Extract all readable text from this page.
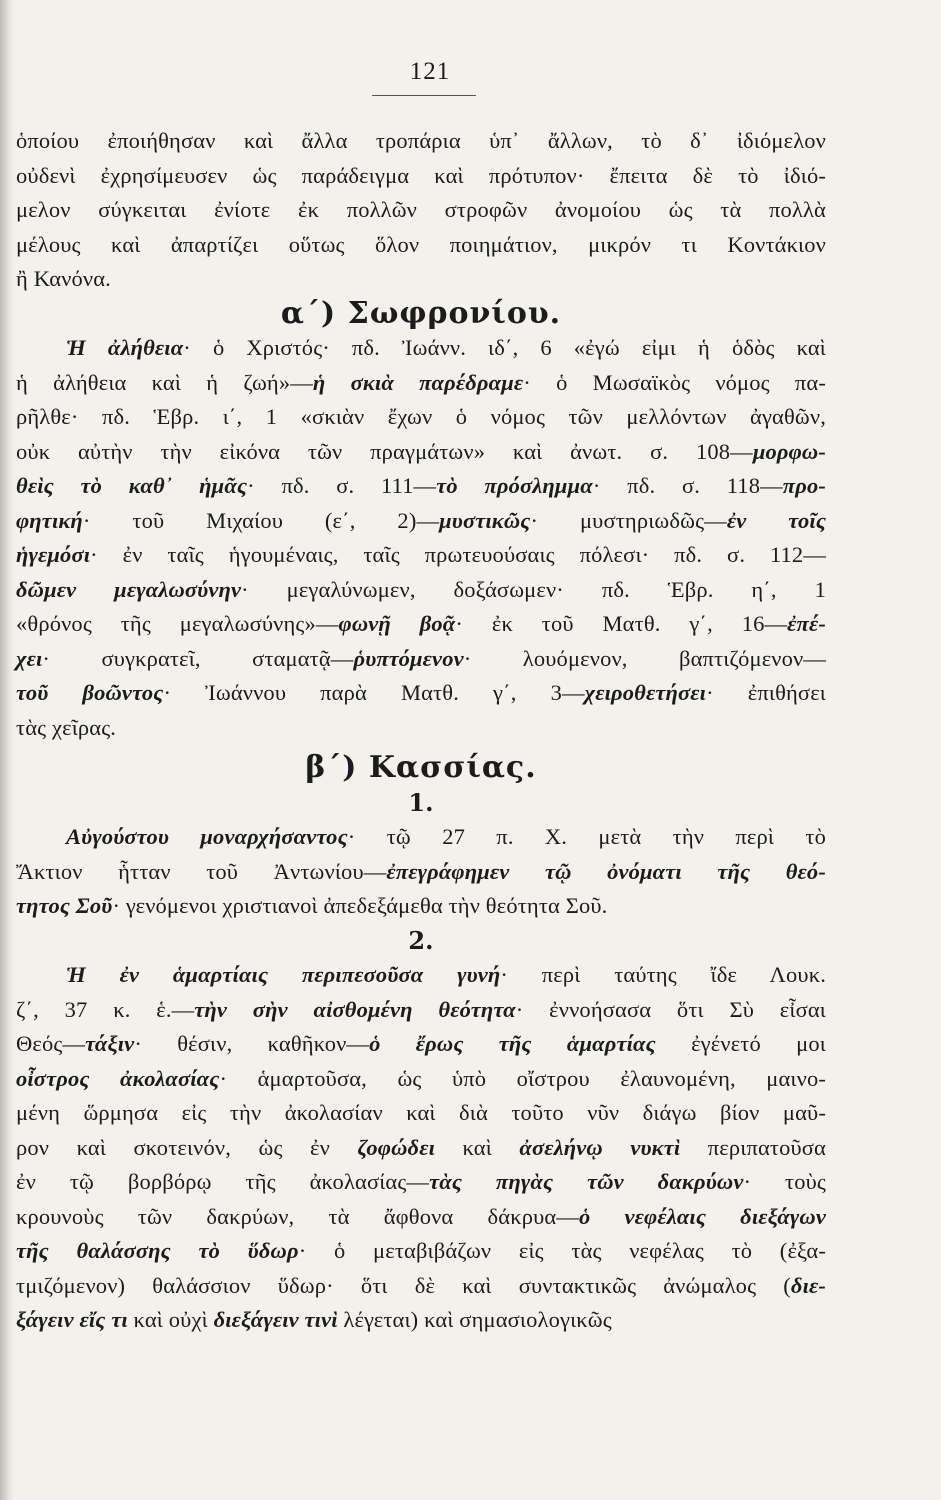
121
ὁποίου ἐποιήθησαν καὶ ἄλλα τροπάρια ὑπ᾽ ἄλλων, τὸ δ᾽ ἰδιόμελον
οὐδενὶ ἐχρησίμευσεν ὡς παράδειγμα καὶ πρότυπον· ἔπειτα δὲ τὸ ἰδιό-
μελον σύγκειται ἐνίοτε ἐκ πολλῶν στροφῶν ἀνομοίου ὡς τὰ πολλὰ
μέλους καὶ ἀπαρτίζει οὕτως ὅλον ποιημάτιον, μικρόν τι Κοντάκιον
ἢ Κανόνα.
α΄) Σωφρονίου.
Ἡ ἀλήθεια· ὁ Χριστός· πδ. Ἰωάνν. ιδ΄, 6 «ἐγώ εἰμι ἡ ὁδὸς καὶ
ἡ ἀλήθεια καὶ ἡ ζωή»—ἡ σκιὰ παρέδραμε· ὁ Μωσαϊκὸς νόμος πα-
ρῆλθε· πδ. Ἑβρ. ι΄, 1 «σκιὰν ἔχων ὁ νόμος τῶν μελλόντων ἀγαθῶν,
οὐκ αὐτὴν τὴν εἰκόνα τῶν πραγμάτων» καὶ ἀνωτ. σ. 108—μορφω-
θεὶς τὸ καθ᾽ ἡμᾶς· πδ. σ. 111—τὸ πρόσλημμα· πδ. σ. 118—προ-
φητική· τοῦ Μιχαίου (ε΄, 2)—μυστικῶς· μυστηριωδῶς—ἐν τοῖς
ἡγεμόσι· ἐν ταῖς ἡγουμέναις, ταῖς πρωτευούσαις πόλεσι· πδ. σ. 112—
δῶμεν μεγαλωσύνην· μεγαλύνωμεν, δοξάσωμεν· πδ. Ἑβρ. η΄, 1
«θρόνος τῆς μεγαλωσύνης»—φωνῇ βοᾷ· ἐκ τοῦ Ματθ. γ΄, 16—ἐπέ-
χει· συγκρατεῖ, σταματᾷ—ῥυπτόμενον· λουόμενον, βαπτιζόμενον—
τοῦ βοῶντος· Ἰωάννου παρὰ Ματθ. γ΄, 3—χειροθετήσει· ἐπιθήσει
τὰς χεῖρας.
β΄) Κασσίας.
1.
Αὐγούστου μοναρχήσαντος· τῷ 27 π. Χ. μετὰ τὴν περὶ τὸ
Ἄκτιον ἧτταν τοῦ Ἀντωνίου—ἐπεγράφημεν τῷ ὀνόματι τῆς θεό-
τητος Σοῦ· γενόμενοι χριστιανοὶ ἀπεδεξάμεθα τὴν θεότητα Σοῦ.
2.
Ἡ ἐν ἁμαρτίαις περιπεσοῦσα γυνή· περὶ ταύτης ἴδε Λουκ.
ζ΄, 37 κ. ἑ.—τὴν σὴν αἰσθομένη θεότητα· ἐννοήσασα ὅτι Σὺ εἶσαι
Θεός—τάξιν· θέσιν, καθῆκον—ὁ ἔρως τῆς ἁμαρτίας ἐγένετό μοι
οἶστρος ἀκολασίας· ἁμαρτοῦσα, ὡς ὑπὸ οἴστρου ἐλαυνομένη, μαινο-
μένη ὥρμησα εἰς τὴν ἀκολασίαν καὶ διὰ τοῦτο νῦν διάγω βίον μαῦ-
ρον καὶ σκοτεινόν, ὡς ἐν ζοφώδει καὶ ἀσελήνῳ νυκτὶ περιπατοῦσα
ἐν τῷ βορβόρῳ τῆς ἀκολασίας—τὰς πηγὰς τῶν δακρύων· τοὺς
κρουνοὺς τῶν δακρύων, τὰ ἄφθονα δάκρυα—ὁ νεφέλαις διεξάγων
τῆς θαλάσσης τὸ ὕδωρ· ὁ μεταβιβάζων εἰς τὰς νεφέλας τὸ (ἐξα-
τμιζόμενον) θαλάσσιον ὕδωρ· ὅτι δὲ καὶ συντακτικῶς ἀνώμαλος (διε-
ξάγειν εἴς τι καὶ οὐχὶ διεξάγειν τινὶ λέγεται) καὶ σημασιολογικῶς
